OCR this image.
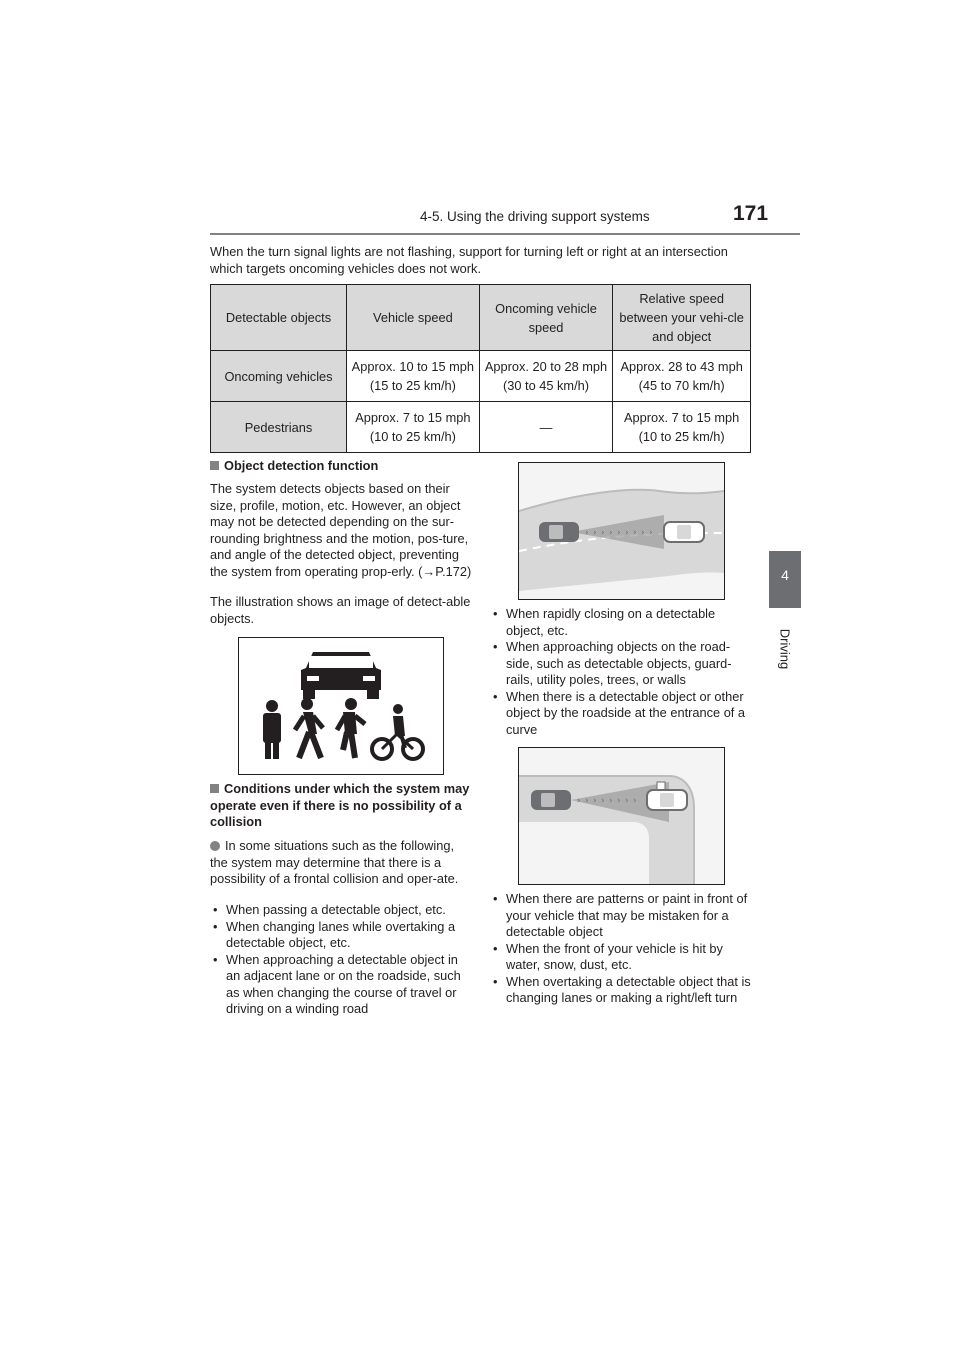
4-5. Using the driving support systems	171
4
Driving
When the turn signal lights are not flashing, support for turning left or right at an intersection which targets oncoming vehicles does not work.
Detectable objects	Vehicle speed	Oncoming vehicle speed	Relative speed between your vehi-cle and object
Oncoming vehicles	Approx. 10 to 15 mph (15 to 25 km/h)	Approx. 20 to 28 mph (30 to 45 km/h)	Approx. 28 to 43 mph (45 to 70 km/h)
Pedestrians	Approx. 7 to 15 mph (10 to 25 km/h)	—	Approx. 7 to 15 mph (10 to 25 km/h)
Object detection function
The system detects objects based on their size, profile, motion, etc. However, an object may not be detected depending on the sur-rounding brightness and the motion, pos-ture, and angle of the detected object, preventing the system from operating prop-erly. (→P.172)
The illustration shows an image of detect-able objects.
Conditions under which the system may operate even if there is no possibility of a collision
In some situations such as the following, the system may determine that there is a possibility of a frontal collision and oper-ate.
• When passing a detectable object, etc.
• When changing lanes while overtaking a detectable object, etc.
• When approaching a detectable object in an adjacent lane or on the roadside, such as when changing the course of travel or driving on a winding road
› › › › › › › › ›
• When rapidly closing on a detectable object, etc.
• When approaching objects on the road-side, such as detectable objects, guard-rails, utility poles, trees, or walls
• When there is a detectable object or other object by the roadside at the entrance of a curve
› › › › › › › ›
• When there are patterns or paint in front of your vehicle that may be mistaken for a detectable object
• When the front of your vehicle is hit by water, snow, dust, etc.
• When overtaking a detectable object that is changing lanes or making a right/left turn
